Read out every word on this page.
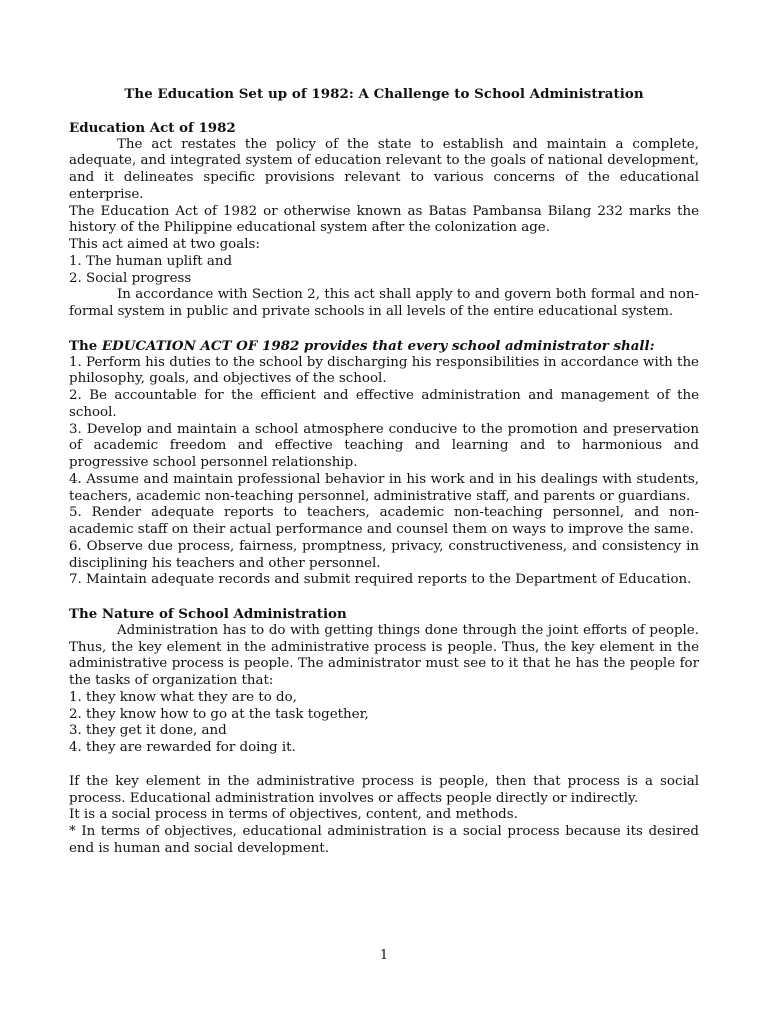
The Education Set up of 1982: A Challenge to School Administration

Education Act of 1982

The act restates the policy of the state to establish and maintain a complete, adequate, and integrated system of education relevant to the goals of national development, and it delineates specific provisions relevant to various concerns of the educational enterprise.

The Education Act of 1982 or otherwise known as Batas Pambansa Bilang 232 marks the history of the Philippine educational system after the colonization age.

This act aimed at two goals:

1. The human uplift and

2. Social progress

In accordance with Section 2, this act shall apply to and govern both formal and non- formal system in public and private schools in all levels of the entire educational system.

The EDUCATION ACT OF 1982 provides that every school administrator shall:

1. Perform his duties to the school by discharging his responsibilities in accordance with the philosophy, goals, and objectives of the school.
2. Be accountable for the efficient and effective administration and management of the school.
3. Develop and maintain a school atmosphere conducive to the promotion and preservation of academic freedom and effective teaching and learning and to harmonious and progressive school personnel relationship.
4. Assume and maintain professional behavior in his work and in his dealings with students, teachers, academic non-teaching personnel, administrative staff, and parents or guardians.
5. Render adequate reports to teachers, academic non-teaching personnel, and non-academic staff on their actual performance and counsel them on ways to improve the same.
6. Observe due process, fairness, promptness, privacy, constructiveness, and consistency in disciplining his teachers and other personnel.
7. Maintain adequate records and submit required reports to the Department of Education.

The Nature of School Administration

Administration has to do with getting things done through the joint efforts of people. Thus, the key element in the administrative process is people. Thus, the key element in the administrative process is people. The administrator must see to it that he has the people for the tasks of organization that:

1. they know what they are to do,
2. they know how to go at the task together,
3. they get it done, and
4. they are rewarded for doing it.

If the key element in the administrative process is people, then that process is a social process. Educational administration involves or affects people directly or indirectly.

It is a social process in terms of objectives, content, and methods.

* In terms of objectives, educational administration is a social process because its desired end is human and social development.

1
